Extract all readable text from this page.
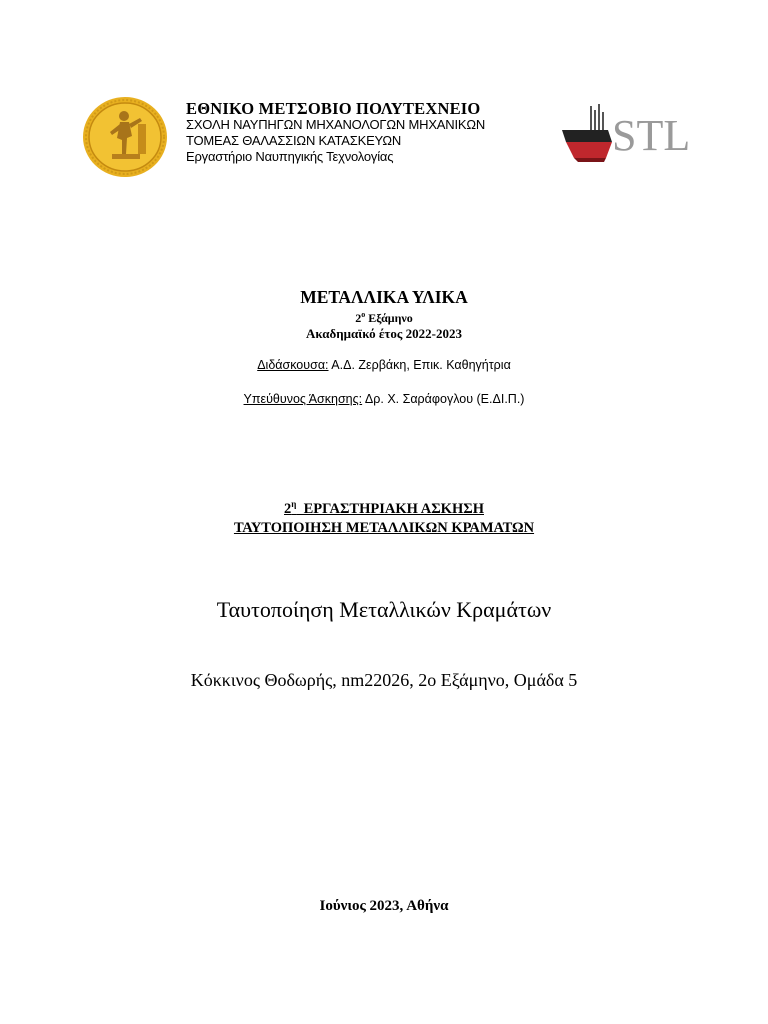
ΕΘΝΙΚΟ ΜΕΤΣΟΒΙΟ ΠΟΛΥΤΕΧΝΕΙΟ
ΣΧΟΛΗ ΝΑΥΠΗΓΩΝ ΜΗΧΑΝΟΛΟΓΩΝ ΜΗΧΑΝΙΚΩΝ
ΤΟΜΕΑΣ ΘΑΛΑΣΣΙΩΝ ΚΑΤΑΣΚΕΥΩΝ
Εργαστήριο Ναυπηγικής Τεχνολογίας	STL
ΜΕΤΑΛΛΙΚΑ ΥΛΙΚΑ
$2^o$ Εξάμηνο
Ακαδημαϊκό έτος 2022-2023
Διδάσκουσα: Α.Δ. Ζερβάκη, Επικ. Καθηγήτρια
Υπεύθυνος Άσκησης: Δρ. Χ. Σαράφογλου (Ε.ΔΙ.Π.)
$2^\eta$  ΕΡΓΑΣΤΗΡΙΑΚΗ ΑΣΚΗΣΗ
ΤΑΥΤΟΠΟΙΗΣΗ ΜΕΤΑΛΛΙΚΩΝ ΚΡΑΜΑΤΩΝ
Ταυτοποίηση Μεταλλικών Κραμάτων
Κόκκινος Θοδωρής, nm22026, 2ο Εξάμηνο, Ομάδα 5
Ιούνιος 2023, Αθήνα
